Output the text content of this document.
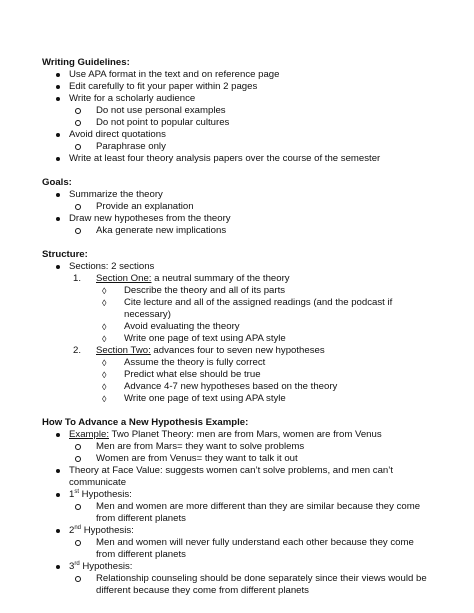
Writing Guidelines:

Use APA format in the text and on reference page
Edit carefully to fit your paper within 2 pages
Write for a scholarly audience
Do not use personal examples
Do not point to popular cultures
Avoid direct quotations
Paraphrase only
Write at least four theory analysis papers over the course of the semester

Goals:

Summarize the theory
Provide an explanation
Draw new hypotheses from the theory
Aka generate new implications

Structure:

Sections: 2 sections
1. Section One: a neutral summary of the theory
◊	Describe the theory and all of its parts
◊	Cite lecture and all of the assigned readings (and the podcast if necessary)
◊	Avoid evaluating the theory
◊	Write one page of text using APA style
2. Section Two: advances four to seven new hypotheses
◊	Assume the theory is fully correct
◊	Predict what else should be true
◊	Advance 4-7 new hypotheses based on the theory
◊	Write one page of text using APA style

How To Advance a New Hypothesis Example:

Example: Two Planet Theory: men are from Mars, women are from Venus
Men are from Mars= they want to solve problems
Women are from Venus= they want to talk it out
Theory at Face Value: suggests women can’t solve problems, and men can’t communicate
1st Hypothesis:
Men and women are more different than they are similar because they come from different planets
2nd Hypothesis:
Men and women will never fully understand each other because they come from different planets
3rd Hypothesis:
Relationship counseling should be done separately since their views would be different because they come from different planets
